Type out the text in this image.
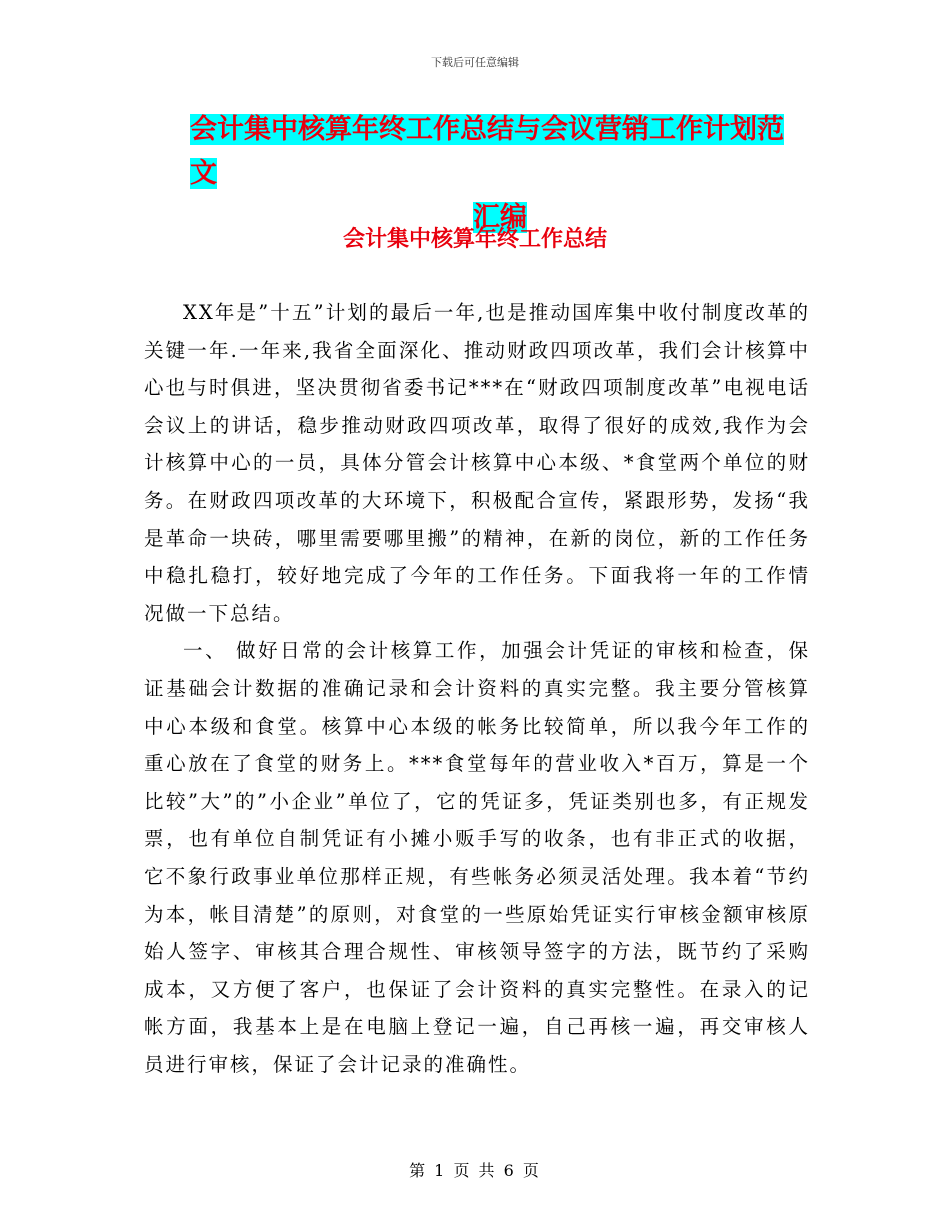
下载后可任意编辑
会计集中核算年终工作总结与会议营销工作计划范文
汇编
会计集中核算年终工作总结

XX年是”十五”计划的最后一年,也是推动国库集中收付制度改革的关键一年.一年来,我省全面深化、推动财政四项改革，我们会计核算中心也与时俱进，坚决贯彻省委书记***在“财政四项制度改革”电视电话会议上的讲话，稳步推动财政四项改革，取得了很好的成效,我作为会计核算中心的一员，具体分管会计核算中心本级、*食堂两个单位的财务。在财政四项改革的大环境下，积极配合宣传，紧跟形势，发扬“我是革命一块砖，哪里需要哪里搬”的精神，在新的岗位，新的工作任务中稳扎稳打，较好地完成了今年的工作任务。下面我将一年的工作情况做一下总结。

一、 做好日常的会计核算工作，加强会计凭证的审核和检查，保证基础会计数据的准确记录和会计资料的真实完整。我主要分管核算中心本级和食堂。核算中心本级的帐务比较简单，所以我今年工作的重心放在了食堂的财务上。***食堂每年的营业收入*百万，算是一个比较”大”的”小企业”单位了，它的凭证多，凭证类别也多，有正规发票，也有单位自制凭证有小摊小贩手写的收条，也有非正式的收据，它不象行政事业单位那样正规，有些帐务必须灵活处理。我本着“节约为本，帐目清楚”的原则，对食堂的一些原始凭证实行审核金额审核原始人签字、审核其合理合规性、审核领导签字的方法，既节约了采购成本，又方便了客户，也保证了会计资料的真实完整性。在录入的记帐方面，我基本上是在电脑上登记一遍，自己再核一遍，再交审核人员进行审核，保证了会计记录的准确性。

第 1 页 共 6 页
